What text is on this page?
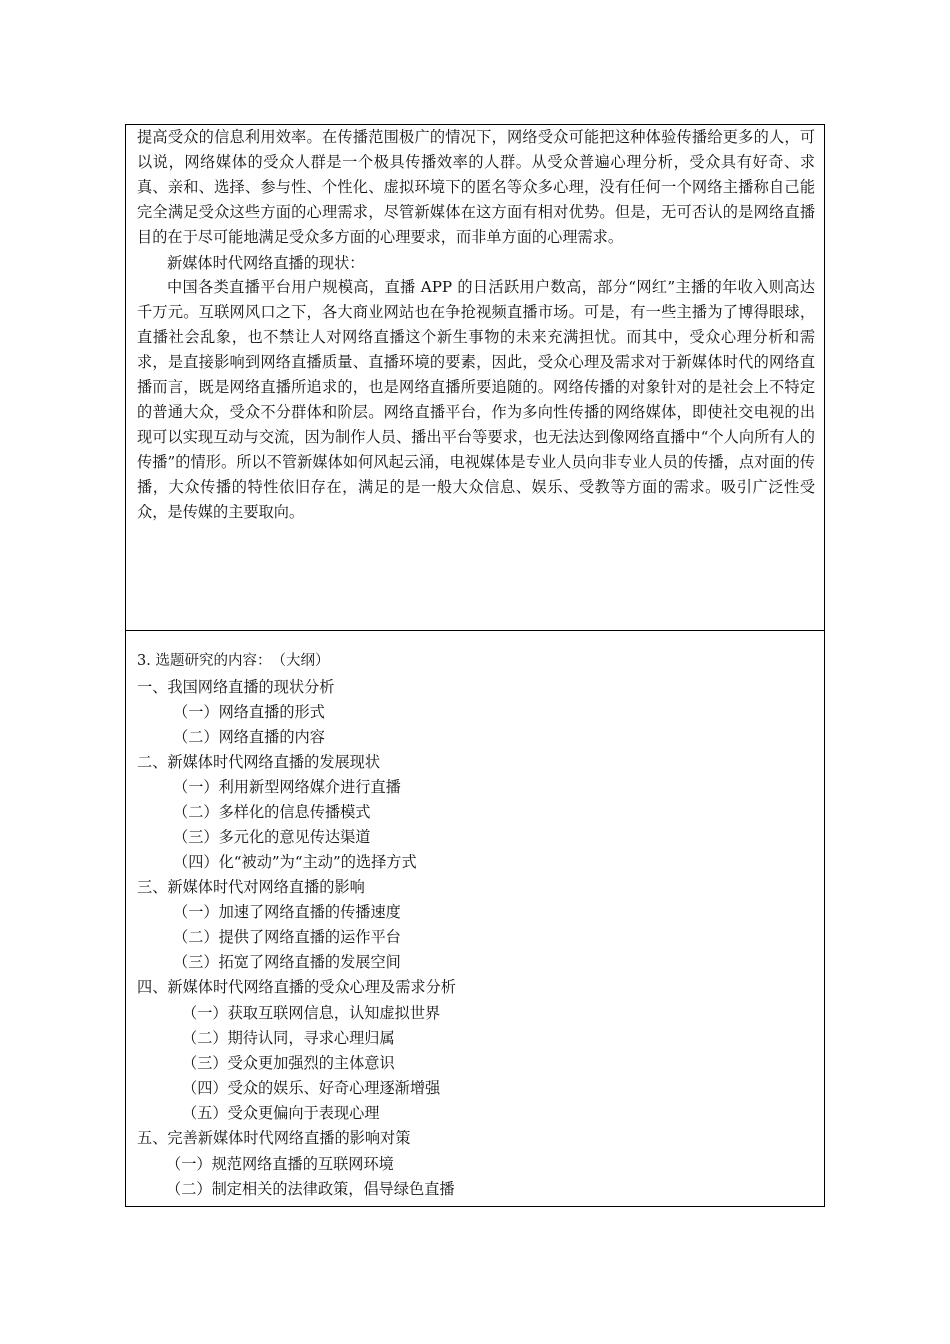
提高受众的信息利用效率。在传播范围极广的情况下，网络受众可能把这种体验传播给更多的人，可以说，网络媒体的受众人群是一个极具传播效率的人群。从受众普遍心理分析，受众具有好奇、求真、亲和、选择、参与性、个性化、虚拟环境下的匿名等众多心理，没有任何一个网络主播称自己能完全满足受众这些方面的心理需求，尽管新媒体在这方面有相对优势。但是，无可否认的是网络直播目的在于尽可能地满足受众多方面的心理要求，而非单方面的心理需求。

新媒体时代网络直播的现状：

中国各类直播平台用户规模高，直播 APP 的日活跃用户数高，部分“网红”主播的年收入则高达千万元。互联网风口之下，各大商业网站也在争抢视频直播市场。可是，有一些主播为了博得眼球，直播社会乱象，也不禁让人对网络直播这个新生事物的未来充满担忧。而其中，受众心理分析和需求，是直接影响到网络直播质量、直播环境的要素，因此，受众心理及需求对于新媒体时代的网络直播而言，既是网络直播所追求的，也是网络直播所要追随的。网络传播的对象针对的是社会上不特定的普通大众，受众不分群体和阶层。网络直播平台，作为多向性传播的网络媒体，即使社交电视的出现可以实现互动与交流，因为制作人员、播出平台等要求，也无法达到像网络直播中“个人向所有人的传播”的情形。所以不管新媒体如何风起云涌，电视媒体是专业人员向非专业人员的传播，点对面的传播，大众传播的特性依旧存在，满足的是一般大众信息、娱乐、受教等方面的需求。吸引广泛性受众，是传媒的主要取向。

3. 选题研究的内容：　（大纲）

一、我国网络直播的现状分析

（一）网络直播的形式

（二）网络直播的内容

二、新媒体时代网络直播的发展现状

（一）利用新型网络媒介进行直播

（二）多样化的信息传播模式

（三）多元化的意见传达渠道

（四）化“被动”为“主动”的选择方式

三、新媒体时代对网络直播的影响

（一）加速了网络直播的传播速度

（二）提供了网络直播的运作平台

（三）拓宽了网络直播的发展空间

四、新媒体时代网络直播的受众心理及需求分析

（一）获取互联网信息，认知虚拟世界

（二）期待认同，寻求心理归属

（三）受众更加强烈的主体意识

（四）受众的娱乐、好奇心理逐渐增强

（五）受众更偏向于表现心理

五、完善新媒体时代网络直播的影响对策

（一）规范网络直播的互联网环境

（二）制定相关的法律政策，倡导绿色直播
